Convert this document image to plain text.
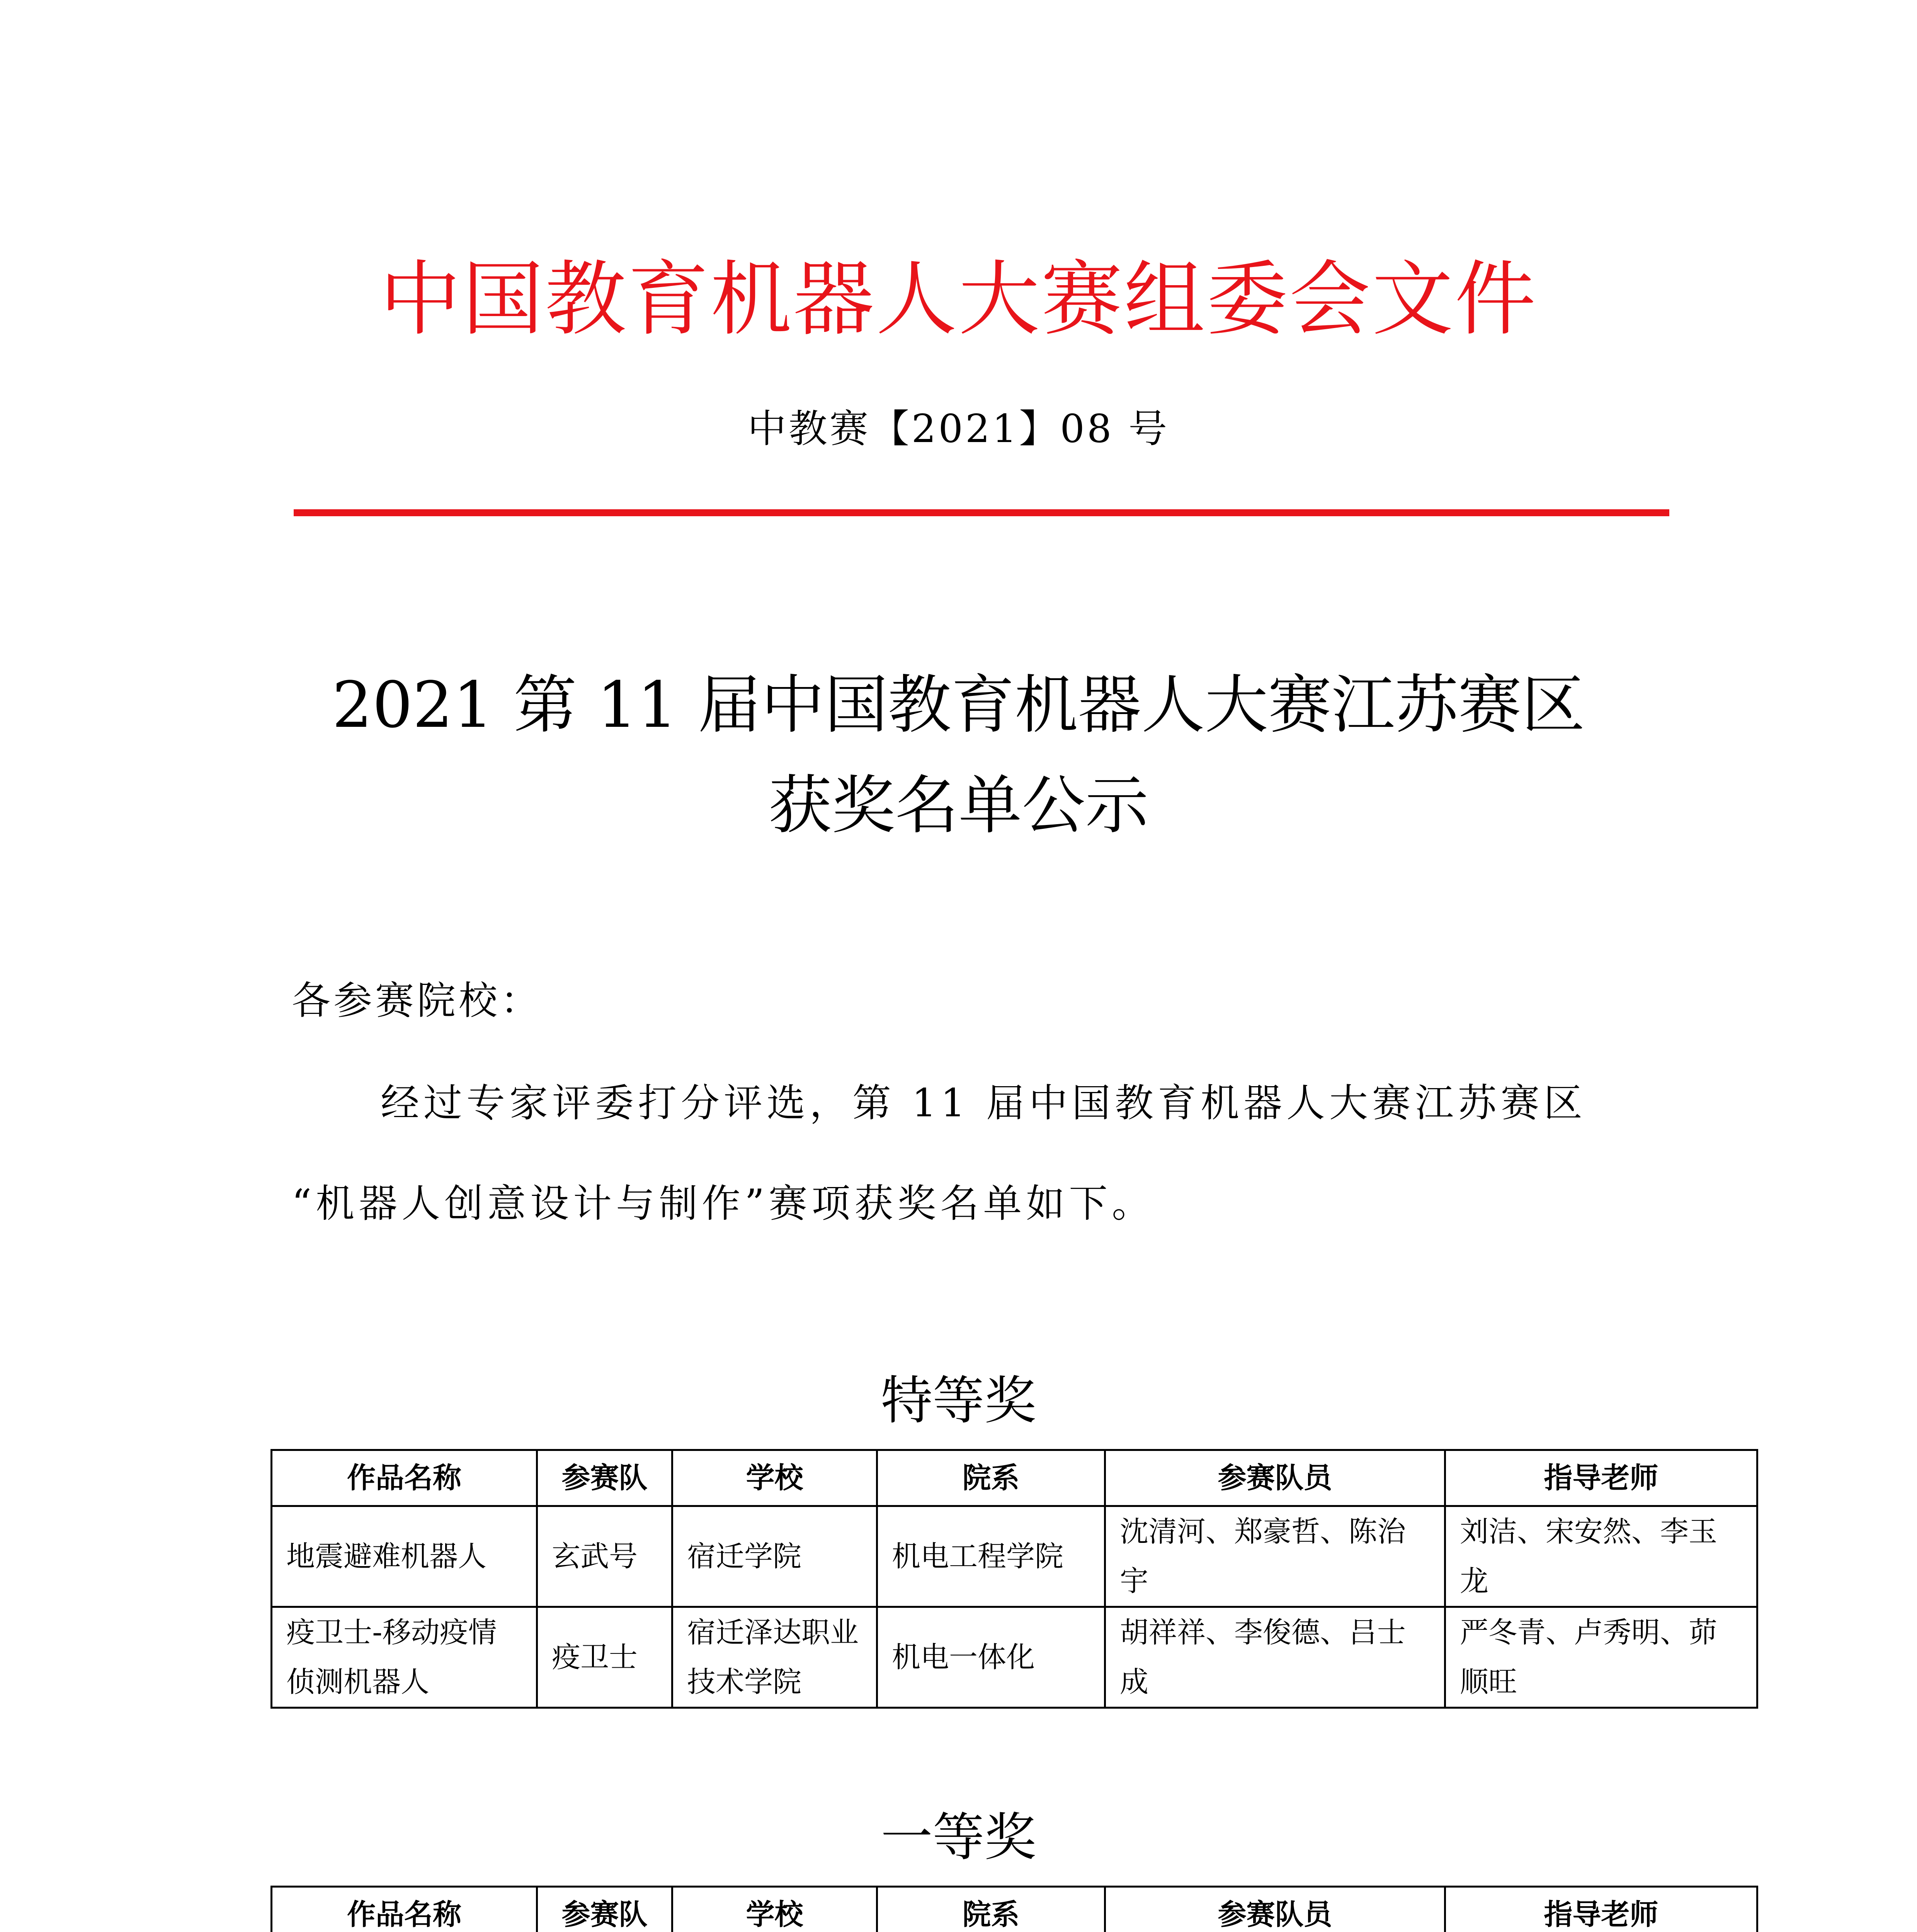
中国教育机器人大赛组委会文件
中教赛【2021】08 号
2021 第 11 届中国教育机器人大赛江苏赛区
获奖名单公示
各参赛院校：
经过专家评委打分评选，第 11 届中国教育机器人大赛江苏赛区
“机器人创意设计与制作”赛项获奖名单如下。
特等奖
作品名称	参赛队	学校	院系	参赛队员	指导老师
地震避难机器人	玄武号	宿迁学院	机电工程学院	沈清河、郑豪哲、陈治宇	刘洁、宋安然、李玉龙
疫卫士-移动疫情侦测机器人	疫卫士	宿迁泽达职业技术学院	机电一体化	胡祥祥、李俊德、吕士成	严冬青、卢秀明、茆顺旺
一等奖
作品名称	参赛队	学校	院系	参赛队员	指导老师
